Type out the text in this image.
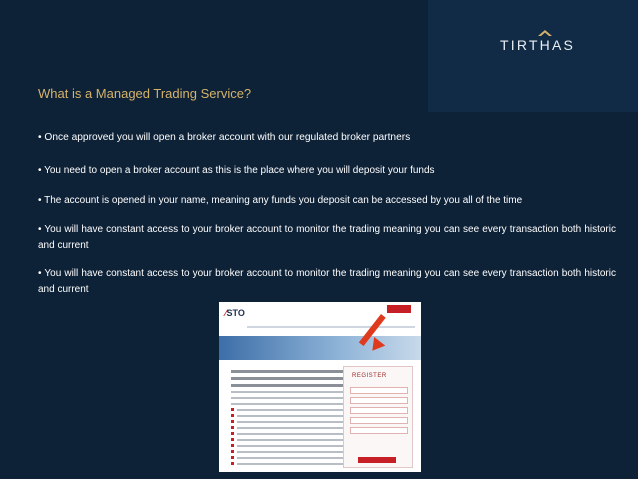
TIRTHAS
What is a Managed Trading Service?
• Once approved you will open a broker account with our regulated broker partners
• You need to open a broker account as this is the place where you will deposit your funds
• The account is opened in your name, meaning any funds you deposit can be accessed by you all of the time
• You will have constant access to your broker account to monitor the trading meaning you can see every transaction both historic and current
• You will have constant access to your broker account to monitor the trading meaning you can see every transaction both historic and current
⁄STO
REGISTER
